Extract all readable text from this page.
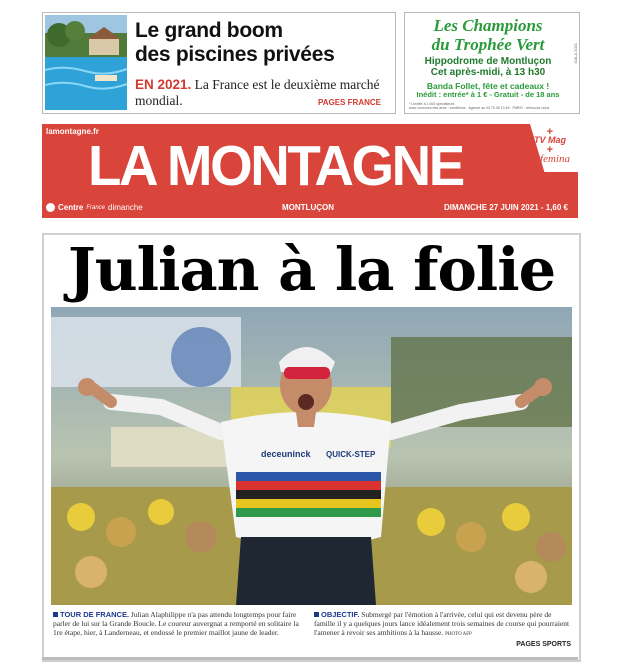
Le grand boom
des piscines privées
EN 2021. La France est le deuxième marché mondial.	PAGES FRANCE
Les Champions
du Trophée Vert
Hippodrome de Montluçon
Cet après-midi, à 13 h30
Banda Follet, fête et cadeaux !
Inédit : entrée* à 1 € - Gratuit - de 18 ans
* Limitée à 1 000 spectateurs
avec concours des amis · conditions · Agence au 04 70 05 13 46 · PARIS · retrouvez-nous
GALA 2021
lamontagne.fr
LA MONTAGNE
+
TV Mag
+
femina
Centre France dimanche	MONTLUÇON	DIMANCHE 27 JUIN 2021 - 1,60 €
Julian à la folie
deceuninck QUICK-STEP
TOUR DE FRANCE. Julian Alaphilippe n'a pas attendu longtemps pour faire parler de lui sur la Grande Boucle. Le coureur auvergnat a remporté en solitaire la 1re étape, hier, à Landerneau, et endossé le premier maillot jaune de leader.
OBJECTIF. Submergé par l'émotion à l'arrivée, celui qui est devenu père de famille il y a quelques jours lance idéalement trois semaines de course qui pourraient l'amener à revoir ses ambitions à la hausse. PHOTO AFP
PAGES SPORTS
